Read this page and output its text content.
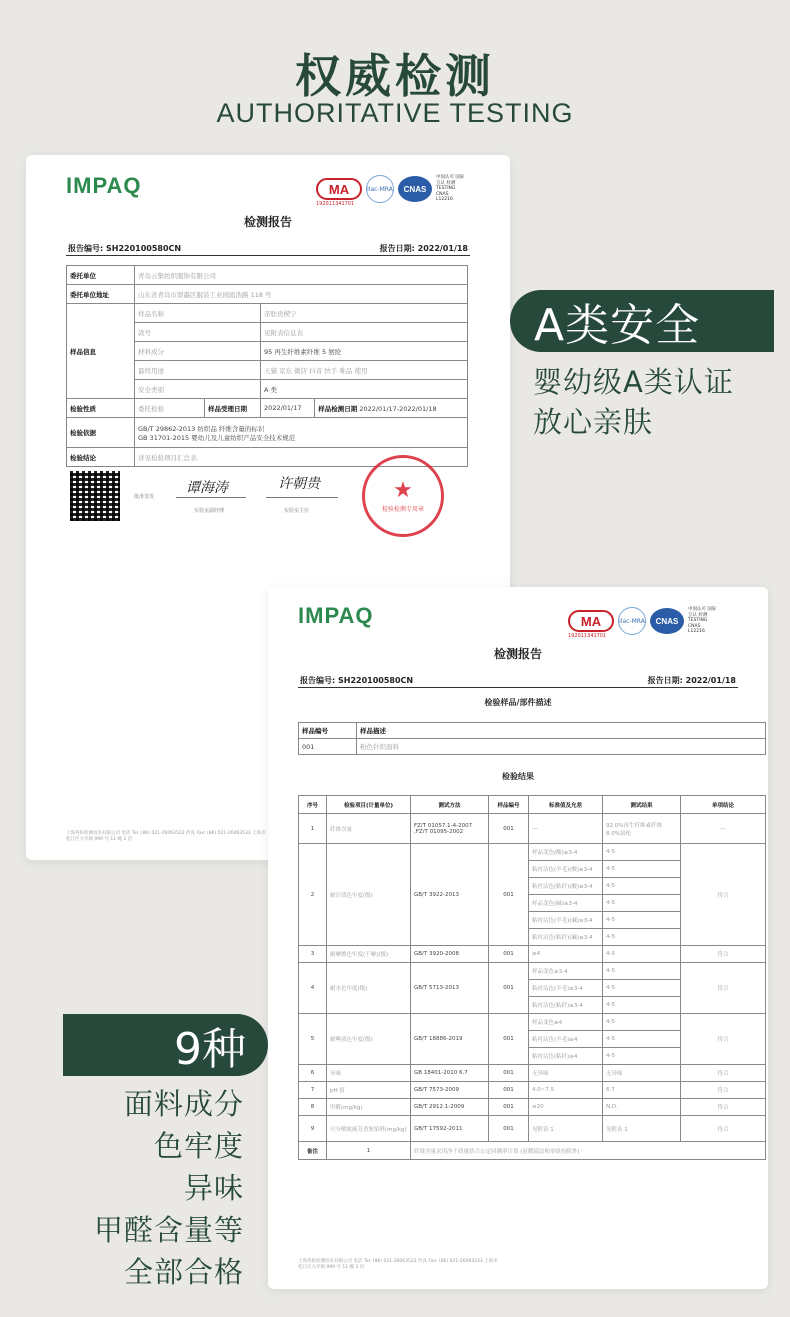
权威检测
AUTHORITATIVE TESTING
IMPAQ	MA	ilac-MRA	CNAS
中国认可 国际互认 检测 TESTING CNAS L12216
192011341701
检测报告
报告编号: SH220100580CN	报告日期: 2022/01/18
委托单位	青岛云集纺织服饰有限公司			
委托单位地址	山东省青岛市即墨区服装工业园流浩路 118 号			
样品信息	样品名称		亲肤贵楔宁	
	款号		见附表信息表	
	材料成分		95 再生纤维素纤维 5 氨纶	
	最终用途		天猫 京东 微店 抖音 快手 唯品 使用	
	安全类别		A 类	
检验性质	委托检验	样品受理日期	2022/01/17	样品检测日期 2022/01/17-2022/01/18
检验依据	GB/T 29862-2013 纺织品 纤维含量的标识
GB 31701-2015 婴幼儿及儿童纺织产品安全技术规范			

检验结论	详见检验项目汇总表.			
批准签发
谭海涛
实验室副经理
许朝贵
实验室主任
★
检验检测专用章
上海英柏检测技术有限公司 电话 Tel: (86) 021-26063522 传真 Fax: (86) 021-26063533 上海市松江区九亭镇 999 号 11 幢 2 层
IMPAQ	MA	ilac-MRA	CNAS
中国认可 国际互认 检测 TESTING CNAS L12216
192011341701
检测报告
报告编号: SH220100580CN	报告日期: 2022/01/18
检验样品/部件描述
样品编号	样品描述
001	粉色针织面料
检验结果
序号	检验项目(计量单位)	测试方法	样品编号	标准值及允差	测试结果	单项结论
1	纤维含量	FZ/T 01057.1-4-2007 ,FZ/T 01095-2002	001	---	92.0%再生纤维素纤维 8.0%氨纶	---
2	耐汗渍色牢度(级)	GB/T 3922-2013	001	样品变色(酸)≥3-4	4-5	符合
				粘衬沾色(羊毛)(酸)≥3-4	4-5	
				粘衬沾色(粘纤)(酸)≥3-4	4-5	
				样品变色(碱)≥3-4	4-5	
				粘衬沾色(羊毛)(碱)≥3-4	4-5	
				粘衬沾色(粘纤)(碱)≥3-4	4-5	
3	耐摩擦色牢度(干摩)(级)	GB/T 3920-2008	001	≥4	4-5	符合
4	耐水色牢度(级)	GB/T 5713-2013	001	样品变色≥3-4	4-5	符合
				粘衬沾色(羊毛)≥3-4	4-5	
				粘衬沾色(粘纤)≥3-4	4-5	
5	耐唾液色牢度(级)	GB/T 18886-2019	001	样品变色≥4	4-5	符合
				粘衬沾色(羊毛)≥4	4-5	
				粘衬沾色(粘纤)≥4	4-5	
6	异味	GB 18401-2010 6.7	001	无异味	无异味	符合
7	pH 值	GB/T 7573-2009	001	4.0~7.5	6.7	符合
8	甲醛(mg/kg)	GB/T 2912.1-2009	001	≤20	N.D.	符合
9	可分解致癌芳香胺染料(mg/kg)	GB/T 17592-2011	001	见附表 1	见附表 1	符合
备注	1	纤维含量采用净干质量结合公定回潮率计算 (显微镜法和单组份除外)				
上海英柏检测技术有限公司 电话 Tel: (86) 021-26063522 传真 Fax: (86) 021-26063533 上海市松江区九亭镇 999 号 11 幢 2 层
A类安全
婴幼级A类认证
放心亲肤
9种
面料成分
色牢度
异味
甲醛含量等
全部合格
